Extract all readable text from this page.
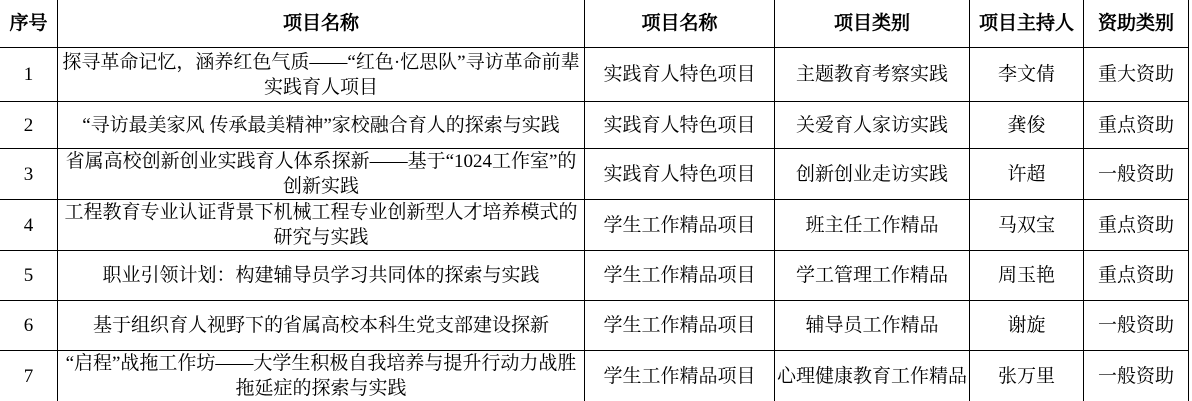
序号	项目名称	项目名称	项目类别	项目主持人	资助类别
1	探寻革命记忆，涵养红色气质——“红色·忆思队”寻访革命前辈实践育人项目	实践育人特色项目	主题教育考察实践	李文倩	重大资助
2	“寻访最美家风 传承最美精神”家校融合育人的探索与实践	实践育人特色项目	关爱育人家访实践	龚俊	重点资助
3	省属高校创新创业实践育人体系探新——基于“1024工作室”的创新实践	实践育人特色项目	创新创业走访实践	许超	一般资助
4	工程教育专业认证背景下机械工程专业创新型人才培养模式的研究与实践	学生工作精品项目	班主任工作精品	马双宝	重点资助
5	职业引领计划：构建辅导员学习共同体的探索与实践	学生工作精品项目	学工管理工作精品	周玉艳	重点资助
6	基于组织育人视野下的省属高校本科生党支部建设探新	学生工作精品项目	辅导员工作精品	谢旋	一般资助
7	“启程”战拖工作坊——大学生积极自我培养与提升行动力战胜拖延症的探索与实践	学生工作精品项目	心理健康教育工作精品	张万里	一般资助
